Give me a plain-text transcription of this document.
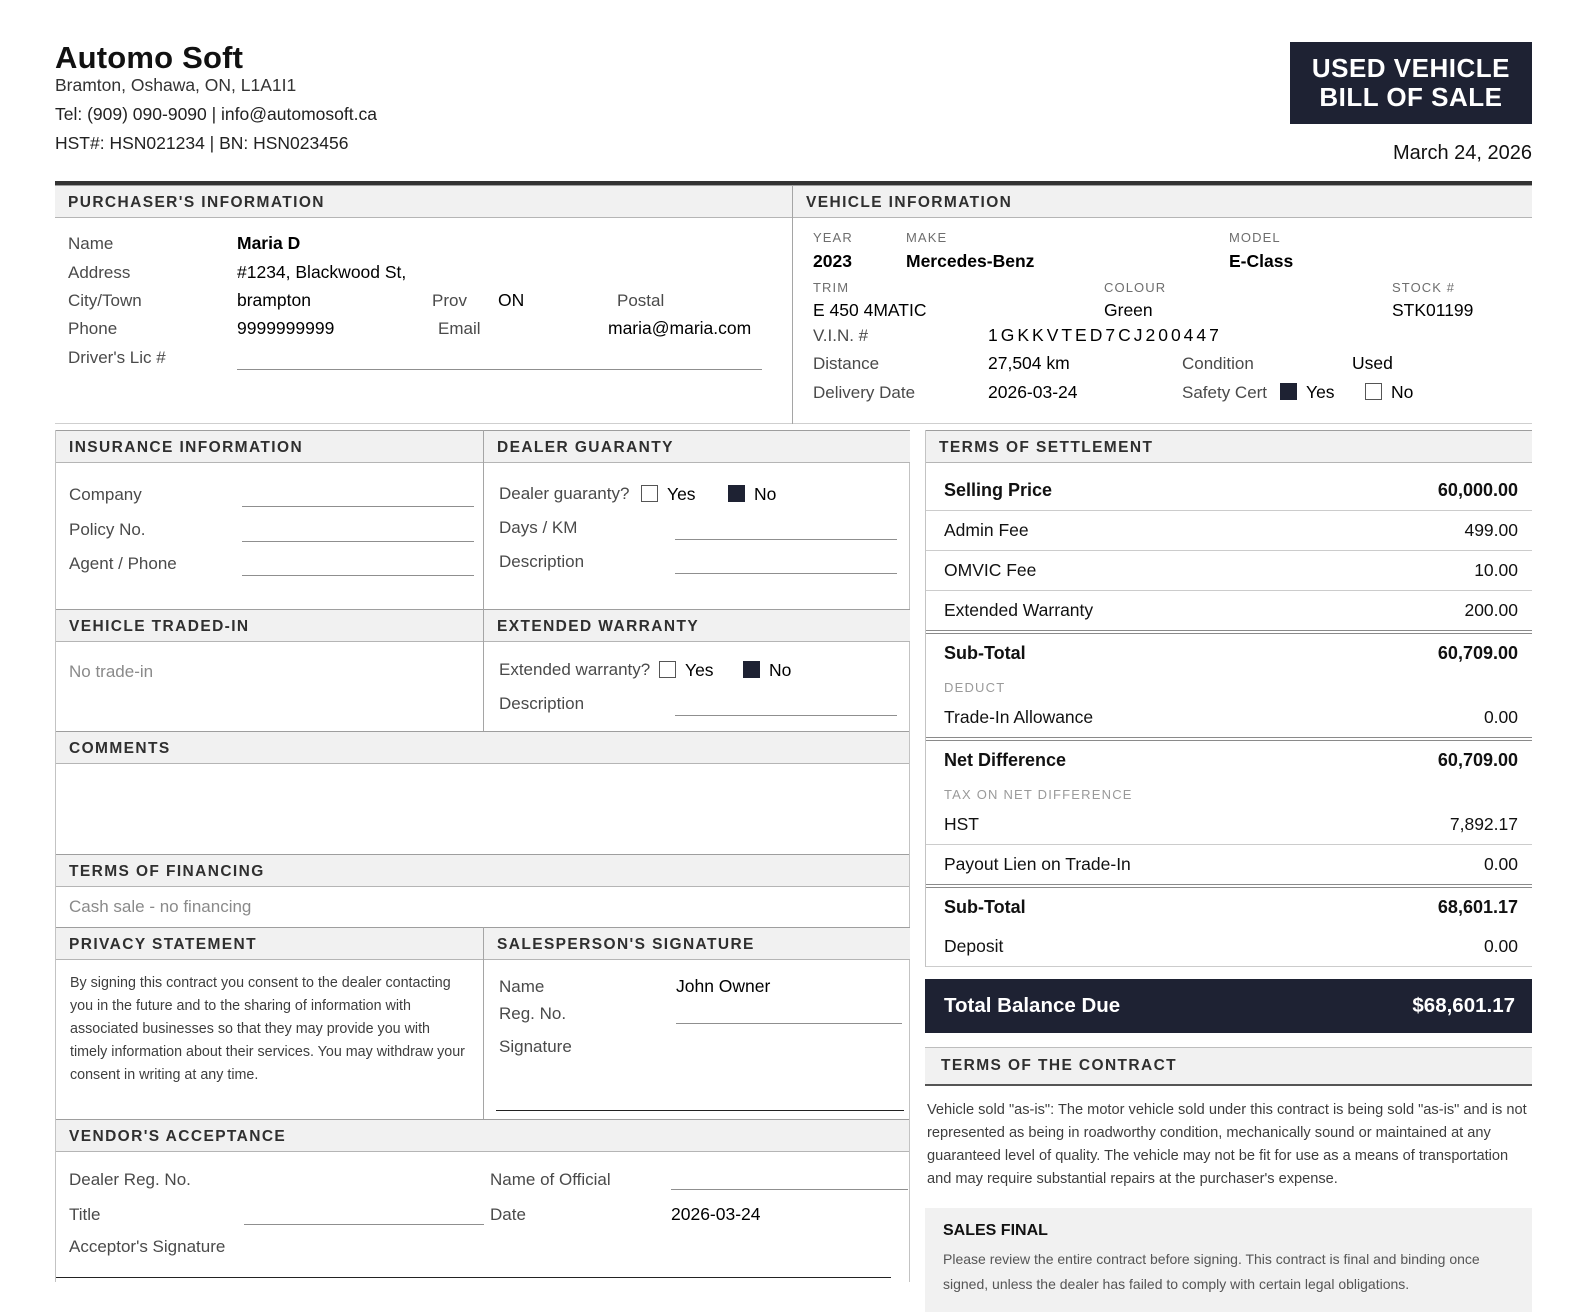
Automo Soft
Bramton, Oshawa, ON, L1A1I1
Tel: (909) 090-9090 | info@automosoft.ca
HST#: HSN021234 | BN: HSN023456
USED VEHICLE
BILL OF SALE
March 24, 2026
PURCHASER'S INFORMATION
Name	Maria D
Address	#1234, Blackwood St,
City/Town	brampton	Prov ON	Postal
Phone	9999999999	Email	maria@maria.com
Driver's Lic #
VEHICLE INFORMATION
YEAR	MAKE	MODEL
2023	Mercedes-Benz	E-Class
TRIM	COLOUR	STOCK #
E 450 4MATIC	Green	STK01199
V.I.N. #	1GKKVTED7CJ200447
Distance	27,504 km	Condition	Used
Delivery Date	2026-03-24	Safety Cert Yes	No
INSURANCE INFORMATION
Company
Policy No.
Agent / Phone
DEALER GUARANTY
Dealer guaranty? Yes	No
Days / KM
Description
VEHICLE TRADED-IN
No trade-in
EXTENDED WARRANTY
Extended warranty? Yes	No
Description
COMMENTS
TERMS OF FINANCING
Cash sale - no financing
PRIVACY STATEMENT
By signing this contract you consent to the dealer contacting you in the future and to the sharing of information with associated businesses so that they may provide you with timely information about their services. You may withdraw your consent in writing at any time.
SALESPERSON'S SIGNATURE
Name	John Owner
Reg. No.
Signature
VENDOR'S ACCEPTANCE
Dealer Reg. No.	Name of Official
Title	Date	2026-03-24
Acceptor's Signature
TERMS OF SETTLEMENT
Selling Price	60,000.00
Admin Fee	499.00
OMVIC Fee	10.00
Extended Warranty	200.00
Sub-Total	60,709.00
DEDUCT
Trade-In Allowance	0.00
Net Difference	60,709.00
TAX ON NET DIFFERENCE
HST	7,892.17
Payout Lien on Trade-In	0.00
Sub-Total	68,601.17
Deposit	0.00
Total Balance Due	$68,601.17
TERMS OF THE CONTRACT
Vehicle sold "as-is": The motor vehicle sold under this contract is being sold "as-is" and is not represented as being in roadworthy condition, mechanically sound or maintained at any guaranteed level of quality. The vehicle may not be fit for use as a means of transportation and may require substantial repairs at the purchaser's expense.
SALES FINAL
Please review the entire contract before signing. This contract is final and binding once signed, unless the dealer has failed to comply with certain legal obligations.
